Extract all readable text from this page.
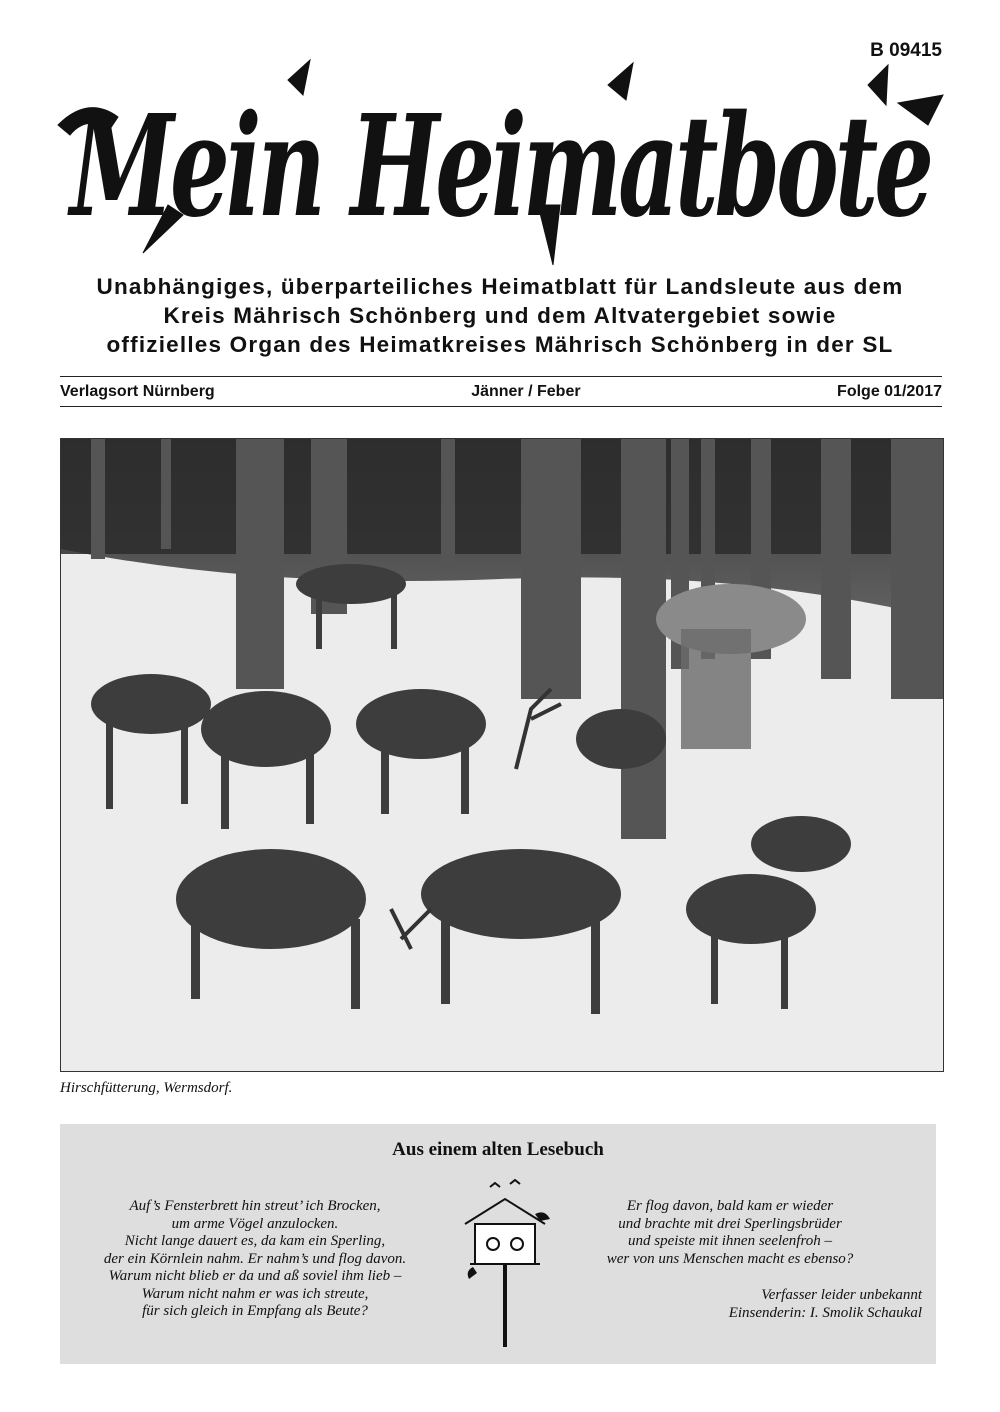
B 09415
Mein Heimatbote
Unabhängiges, überparteiliches Heimatblatt für Landsleute aus dem
Kreis Mährisch Schönberg und dem Altvatergebiet sowie
offizielles Organ des Heimatkreises Mährisch Schönberg in der SL
Verlagsort Nürnberg	Jänner / Feber	Folge 01/2017
Hirschfütterung, Wermsdorf.
Aus einem alten Lesebuch
Auf’s Fensterbrett hin streut’ ich Brocken,
um arme Vögel anzulocken.
Nicht lange dauert es, da kam ein Sperling,
der ein Körnlein nahm. Er nahm’s und flog davon.
Warum nicht blieb er da und aß soviel ihm lieb –
Warum nicht nahm er was ich streute,
für sich gleich in Empfang als Beute?
Er flog davon, bald kam er wieder
und brachte mit drei Sperlingsbrüder
und speiste mit ihnen seelenfroh –
wer von uns Menschen macht es ebenso?
Verfasser leider unbekannt
Einsenderin: I. Smolik Schaukal
